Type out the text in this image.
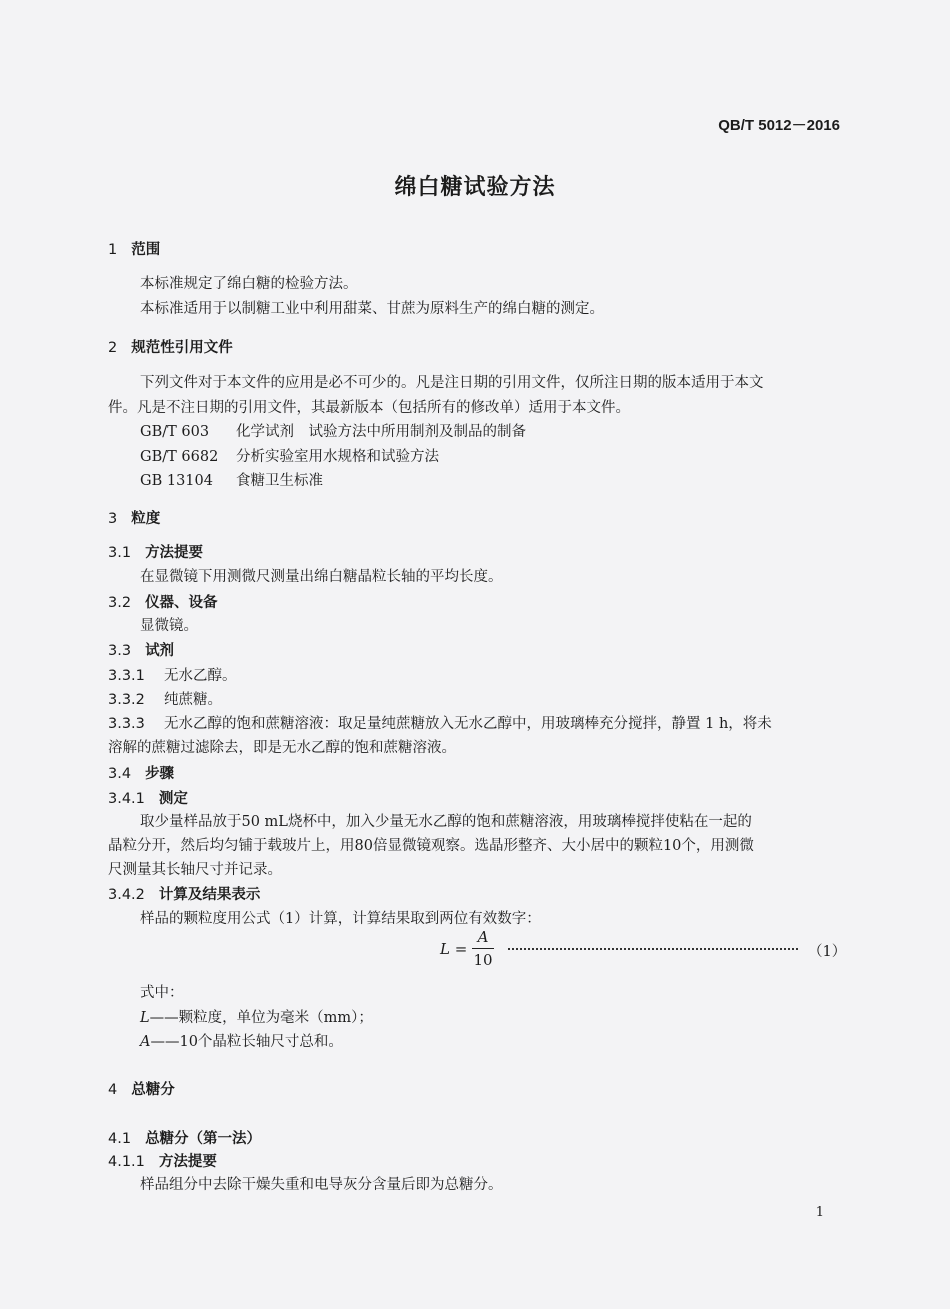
QB/T 5012－2016
绵白糖试验方法
1 范围
本标准规定了绵白糖的检验方法。
本标准适用于以制糖工业中利用甜菜、甘蔗为原料生产的绵白糖的测定。
2 规范性引用文件
下列文件对于本文件的应用是必不可少的。凡是注日期的引用文件，仅所注日期的版本适用于本文
件。凡是不注日期的引用文件，其最新版本（包括所有的修改单）适用于本文件。
GB/T 603 化学试剂　试验方法中所用制剂及制品的制备
GB/T 6682 分析实验室用水规格和试验方法
GB 13104 食糖卫生标准
3 粒度
3.1 方法提要
在显微镜下用测微尺测量出绵白糖晶粒长轴的平均长度。
3.2 仪器、设备
显微镜。
3.3 试剂
3.3.1 无水乙醇。
3.3.2 纯蔗糖。
3.3.3 无水乙醇的饱和蔗糖溶液：取足量纯蔗糖放入无水乙醇中，用玻璃棒充分搅拌，静置 1 h，将未
溶解的蔗糖过滤除去，即是无水乙醇的饱和蔗糖溶液。
3.4 步骤
3.4.1 测定
取少量样品放于50 mL烧杯中，加入少量无水乙醇的饱和蔗糖溶液，用玻璃棒搅拌使粘在一起的
晶粒分开，然后均匀铺于载玻片上，用80倍显微镜观察。选晶形整齐、大小居中的颗粒10个，用测微
尺测量其长轴尺寸并记录。
3.4.2 计算及结果表示
样品的颗粒度用公式（1）计算，计算结果取到两位有效数字：
L =
A
10	（1）
式中：
L——颗粒度，单位为毫米（mm）；
A——10个晶粒长轴尺寸总和。
4 总糖分
4.1 总糖分（第一法）
4.1.1 方法提要
样品组分中去除干燥失重和电导灰分含量后即为总糖分。
1
